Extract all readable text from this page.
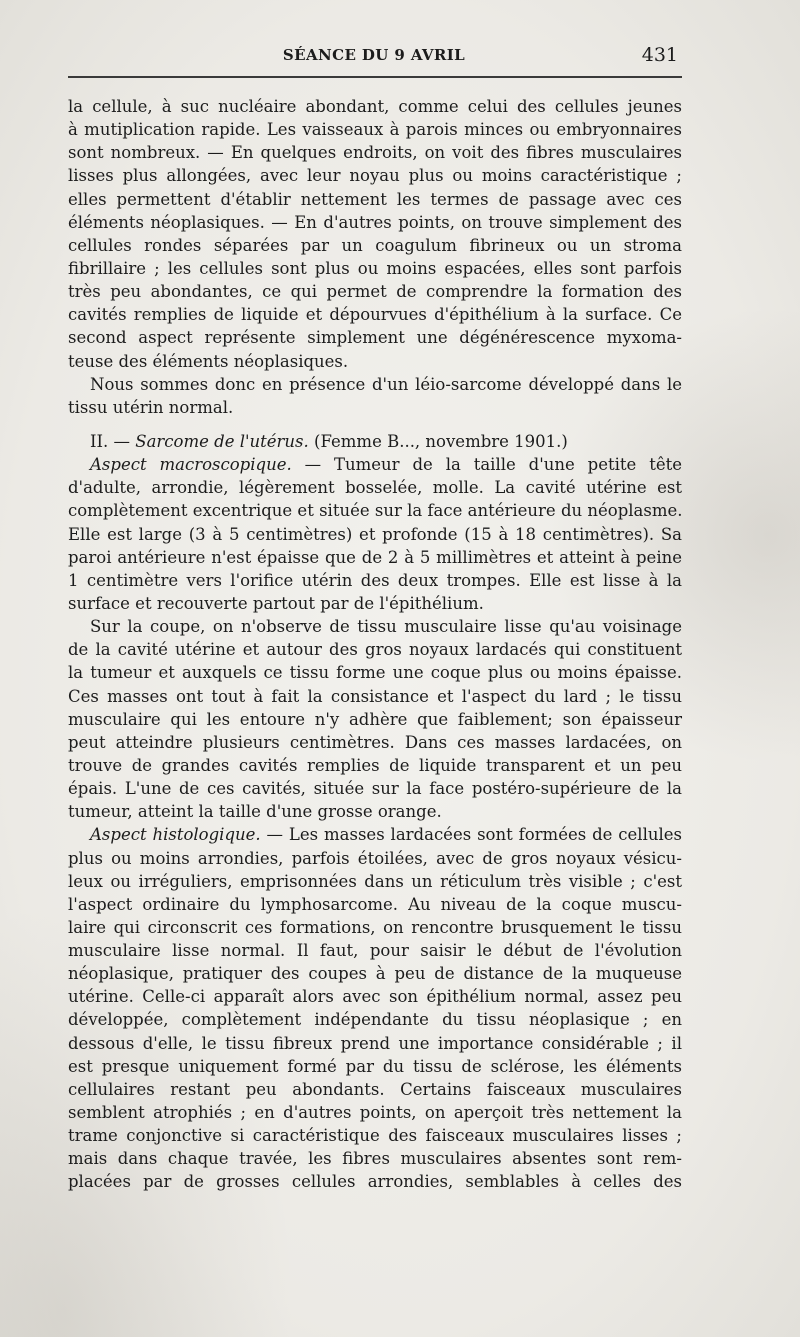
SÉANCE DU 9 AVRIL	431
la cellule, à suc nucléaire abondant, comme celui des cellules jeunes
à mutiplication rapide. Les vaisseaux à parois minces ou embryonnaires
sont nombreux. — En quelques endroits, on voit des fibres musculaires
lisses plus allongées, avec leur noyau plus ou moins caractéristique ;
elles permettent d'établir nettement les termes de passage avec ces
éléments néoplasiques. — En d'autres points, on trouve simplement des
cellules rondes séparées par un coagulum fibrineux ou un stroma
fibrillaire ; les cellules sont plus ou moins espacées, elles sont parfois
très peu abondantes, ce qui permet de comprendre la formation des
cavités remplies de liquide et dépourvues d'épithélium à la surface. Ce
second aspect représente simplement une dégénérescence myxoma-
teuse des éléments néoplasiques.
Nous sommes donc en présence d'un léio-sarcome développé dans le
tissu utérin normal.
II. — Sarcome de l'utérus. (Femme B..., novembre 1901.)
Aspect macroscopique. — Tumeur de la taille d'une petite tête
d'adulte, arrondie, légèrement bosselée, molle. La cavité utérine est
complètement excentrique et située sur la face antérieure du néoplasme.
Elle est large (3 à 5 centimètres) et profonde (15 à 18 centimètres). Sa
paroi antérieure n'est épaisse que de 2 à 5 millimètres et atteint à peine
1 centimètre vers l'orifice utérin des deux trompes. Elle est lisse à la
surface et recouverte partout par de l'épithélium.
Sur la coupe, on n'observe de tissu musculaire lisse qu'au voisinage
de la cavité utérine et autour des gros noyaux lardacés qui constituent
la tumeur et auxquels ce tissu forme une coque plus ou moins épaisse.
Ces masses ont tout à fait la consistance et l'aspect du lard ; le tissu
musculaire qui les entoure n'y adhère que faiblement; son épaisseur
peut atteindre plusieurs centimètres. Dans ces masses lardacées, on
trouve de grandes cavités remplies de liquide transparent et un peu
épais. L'une de ces cavités, située sur la face postéro-supérieure de la
tumeur, atteint la taille d'une grosse orange.
Aspect histologique. — Les masses lardacées sont formées de cellules
plus ou moins arrondies, parfois étoilées, avec de gros noyaux vésicu-
leux ou irréguliers, emprisonnées dans un réticulum très visible ; c'est
l'aspect ordinaire du lymphosarcome. Au niveau de la coque muscu-
laire qui circonscrit ces formations, on rencontre brusquement le tissu
musculaire lisse normal. Il faut, pour saisir le début de l'évolution
néoplasique, pratiquer des coupes à peu de distance de la muqueuse
utérine. Celle-ci apparaît alors avec son épithélium normal, assez peu
développée, complètement indépendante du tissu néoplasique ; en
dessous d'elle, le tissu fibreux prend une importance considérable ; il
est presque uniquement formé par du tissu de sclérose, les éléments
cellulaires restant peu abondants. Certains faisceaux musculaires
semblent atrophiés ; en d'autres points, on aperçoit très nettement la
trame conjonctive si caractéristique des faisceaux musculaires lisses ;
mais dans chaque travée, les fibres musculaires absentes sont rem-
placées par de grosses cellules arrondies, semblables à celles des
